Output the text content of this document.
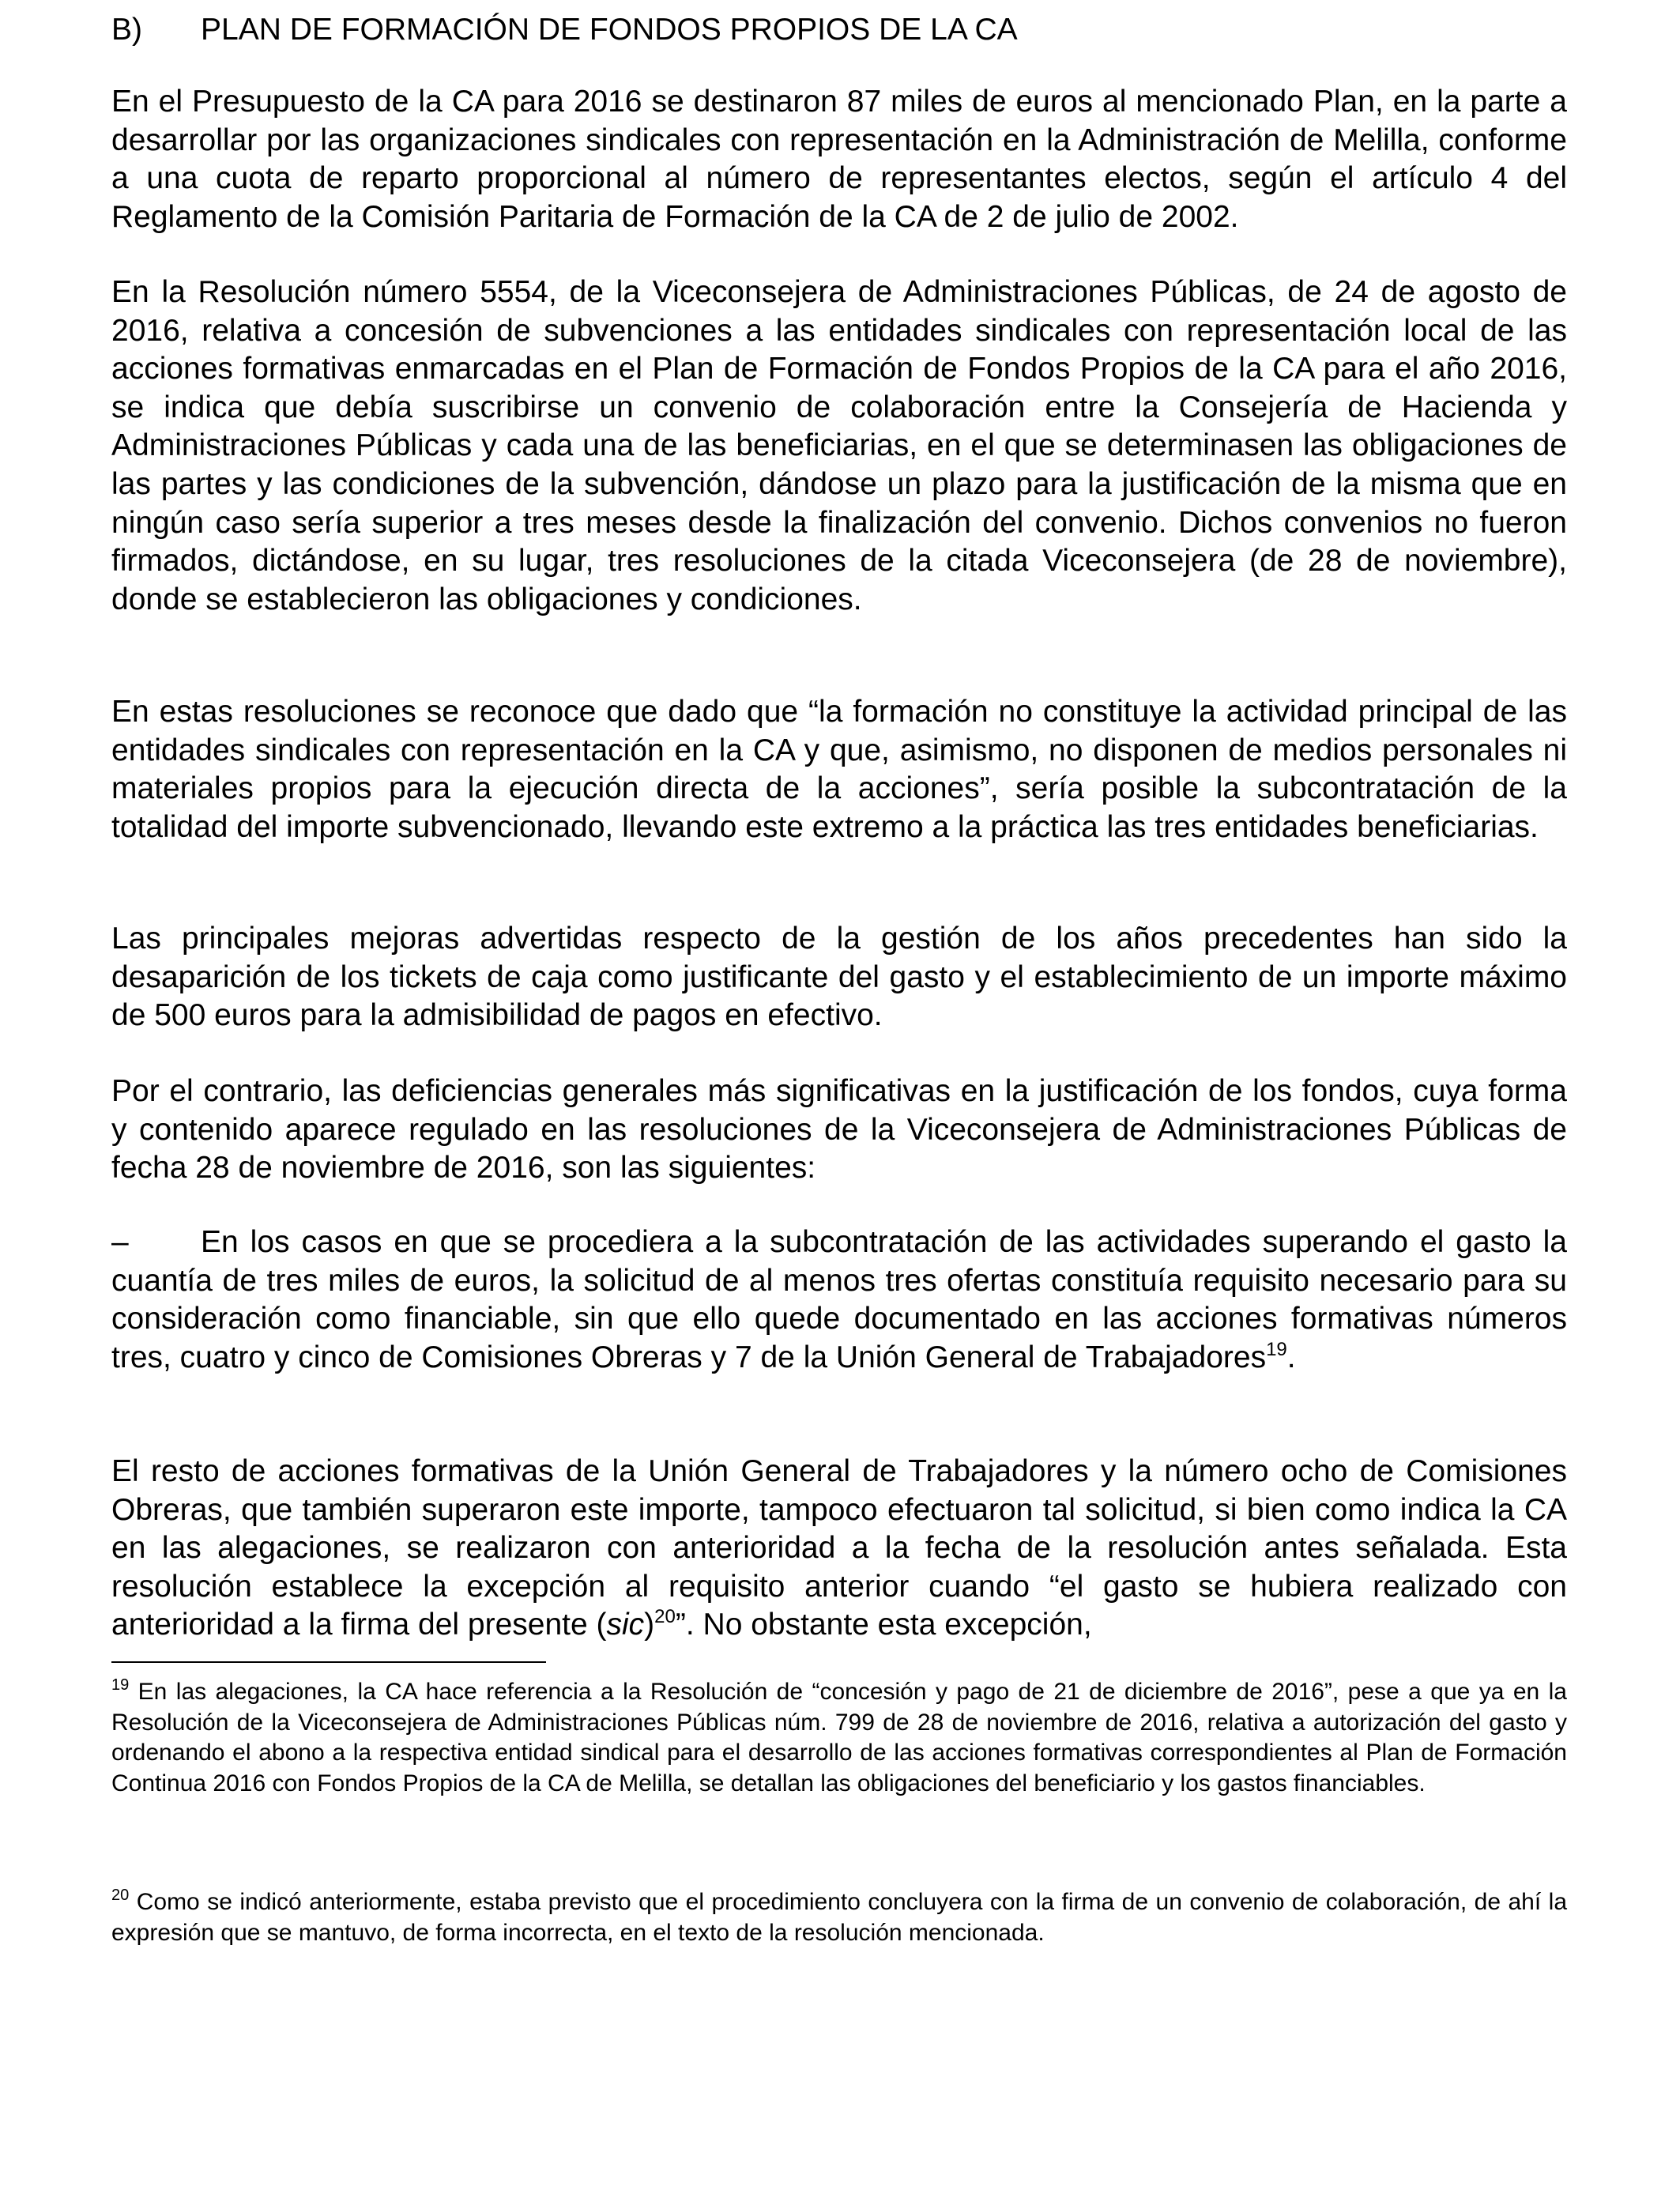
B) PLAN DE FORMACIÓN DE FONDOS PROPIOS DE LA CA

En el Presupuesto de la CA para 2016 se destinaron 87 miles de euros al mencionado Plan, en la parte a desarrollar por las organizaciones sindicales con representación en la Administración de Melilla, conforme a una cuota de reparto proporcional al número de representantes electos, según el artículo 4 del Reglamento de la Comisión Paritaria de Formación de la CA de 2 de julio de 2002.

En la Resolución número 5554, de la Viceconsejera de Administraciones Públicas, de 24 de agosto de 2016, relativa a concesión de subvenciones a las entidades sindicales con representación local de las acciones formativas enmarcadas en el Plan de Formación de Fondos Propios de la CA para el año 2016, se indica que debía suscribirse un convenio de colaboración entre la Consejería de Hacienda y Administraciones Públicas y cada una de las beneficiarias, en el que se determinasen las obligaciones de las partes y las condiciones de la subvención, dándose un plazo para la justificación de la misma que en ningún caso sería superior a tres meses desde la finalización del convenio. Dichos convenios no fueron firmados, dictándose, en su lugar, tres resoluciones de la citada Viceconsejera (de 28 de noviembre), donde se establecieron las obligaciones y condiciones.

En estas resoluciones se reconoce que dado que “la formación no constituye la actividad principal de las entidades sindicales con representación en la CA y que, asimismo, no disponen de medios personales ni materiales propios para la ejecución directa de la acciones”, sería posible la subcontratación de la totalidad del importe subvencionado, llevando este extremo a la práctica las tres entidades beneficiarias.

Las principales mejoras advertidas respecto de la gestión de los años precedentes han sido la desaparición de los tickets de caja como justificante del gasto y el establecimiento de un importe máximo de 500 euros para la admisibilidad de pagos en efectivo.

Por el contrario, las deficiencias generales más significativas en la justificación de los fondos, cuya forma y contenido aparece regulado en las resoluciones de la Viceconsejera de Administraciones Públicas de fecha 28 de noviembre de 2016, son las siguientes:

– En los casos en que se procediera a la subcontratación de las actividades superando el gasto la cuantía de tres miles de euros, la solicitud de al menos tres ofertas constituía requisito necesario para su consideración como financiable, sin que ello quede documentado en las acciones formativas números tres, cuatro y cinco de Comisiones Obreras y 7 de la Unión General de Trabajadores$^{19}$.

El resto de acciones formativas de la Unión General de Trabajadores y la número ocho de Comisiones Obreras, que también superaron este importe, tampoco efectuaron tal solicitud, si bien como indica la CA en las alegaciones, se realizaron con anterioridad a la fecha de la resolución antes señalada. Esta resolución establece la excepción al requisito anterior cuando “el gasto se hubiera realizado con anterioridad a la firma del presente (sic)$^{20}$”. No obstante esta excepción,

$^{19}$ En las alegaciones, la CA hace referencia a la Resolución de “concesión y pago de 21 de diciembre de 2016”, pese a que ya en la Resolución de la Viceconsejera de Administraciones Públicas núm. 799 de 28 de noviembre de 2016, relativa a autorización del gasto y ordenando el abono a la respectiva entidad sindical para el desarrollo de las acciones formativas correspondientes al Plan de Formación Continua 2016 con Fondos Propios de la CA de Melilla, se detallan las obligaciones del beneficiario y los gastos financiables.

$^{20}$ Como se indicó anteriormente, estaba previsto que el procedimiento concluyera con la firma de un convenio de colaboración, de ahí la expresión que se mantuvo, de forma incorrecta, en el texto de la resolución mencionada.
